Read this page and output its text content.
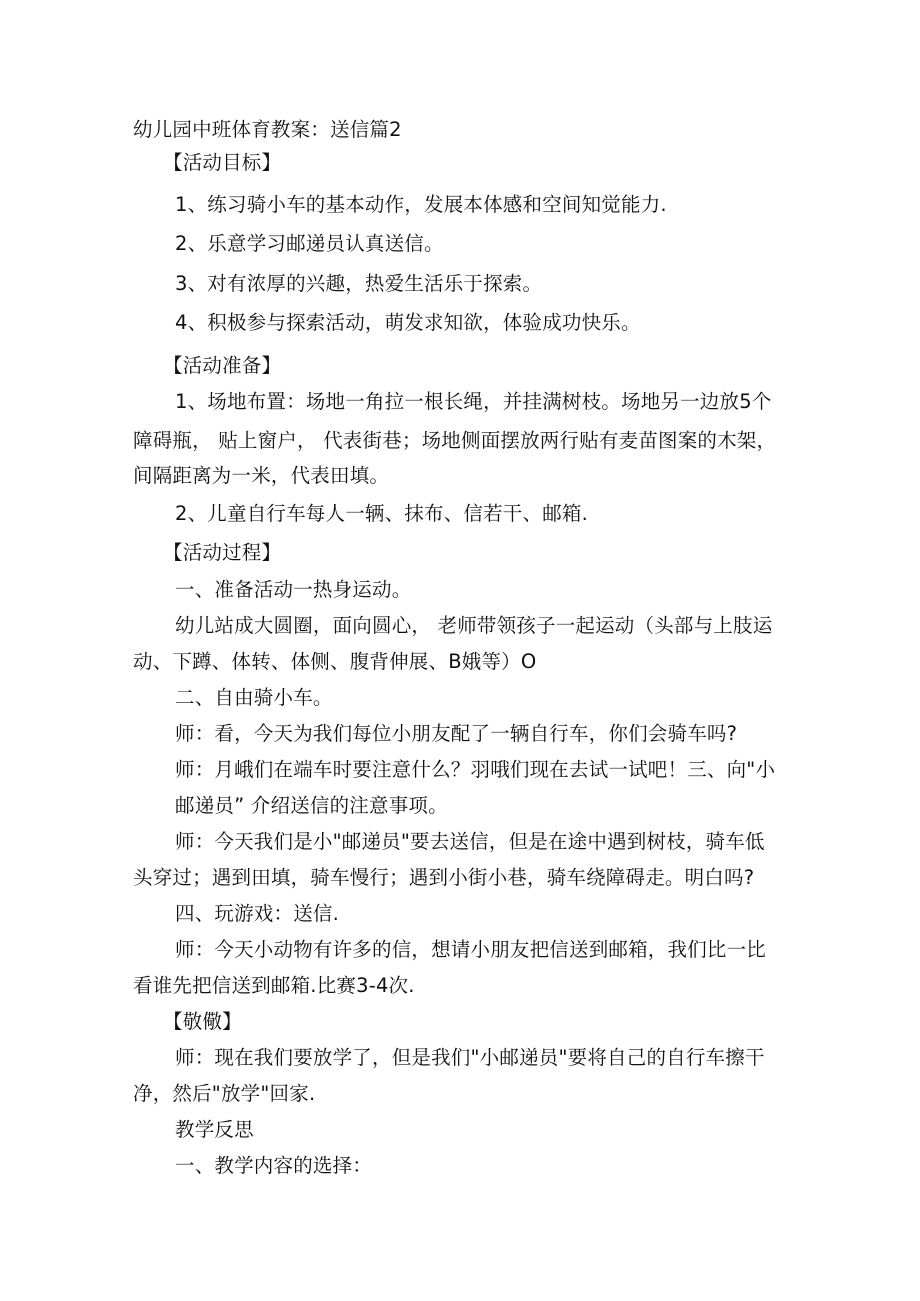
幼儿园中班体育教案：送信篇2
【活动目标】
1、练习骑小车的基本动作，发展本体感和空间知觉能力.
2、乐意学习邮递员认真送信。
3、对有浓厚的兴趣，热爱生活乐于探索。
4、积极参与探索活动，萌发求知欲，体验成功快乐。
【活动准备】
1、场地布置：场地一角拉一根长绳，并挂满树枝。场地另一边放5个
障碍瓶， 贴上窗户， 代表街巷；场地侧面摆放两行贴有麦苗图案的木架，
间隔距离为一米，代表田填。
2、儿童自行车每人一辆、抹布、信若干、邮箱.
【活动过程】
一、准备活动一热身运动。
幼儿站成大圆圈，面向圆心， 老师带领孩子一起运动（头部与上肢运
动、下蹲、体转、体侧、腹背伸展、B娥等）O
二、自由骑小车。
师：看，今天为我们每位小朋友配了一辆自行车，你们会骑车吗?
师：月峨们在端车时要注意什么？羽哦们现在去试一试吧！三、向"小
邮递员” 介绍送信的注意事项。
师：今天我们是小"邮递员"要去送信，但是在途中遇到树枝，骑车低
头穿过；遇到田填，骑车慢行；遇到小街小巷，骑车绕障碍走。明白吗?
四、玩游戏：送信.
师：今天小动物有许多的信，想请小朋友把信送到邮箱，我们比一比
看谁先把信送到邮箱.比赛3-4次.
【敬儆】
师：现在我们要放学了，但是我们"小邮递员"要将自己的自行车擦干
净，然后"放学"回家.
教学反思
一、教学内容的选择：
